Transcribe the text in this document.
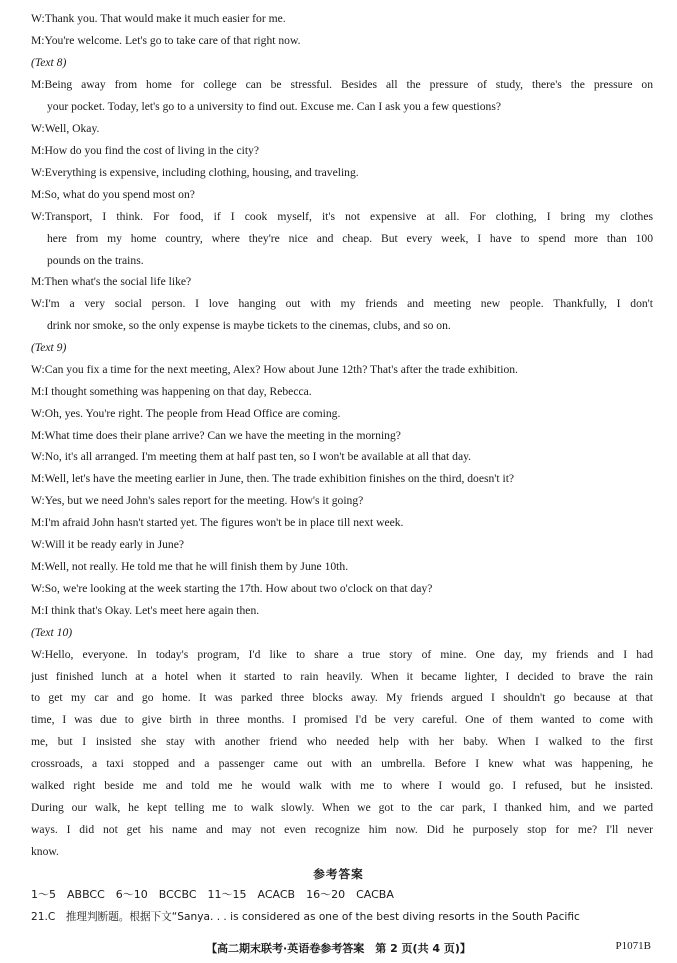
W:Thank you. That would make it much easier for me.
M:You're welcome. Let's go to take care of that right now.
(Text 8)
M:Being away from home for college can be stressful. Besides all the pressure of study, there's the pressure on
your pocket. Today, let's go to a university to find out. Excuse me. Can I ask you a few questions?
W:Well, Okay.
M:How do you find the cost of living in the city?
W:Everything is expensive, including clothing, housing, and traveling.
M:So, what do you spend most on?
W:Transport, I think. For food, if I cook myself, it's not expensive at all. For clothing, I bring my clothes
here from my home country, where they're nice and cheap. But every week, I have to spend more than 100
pounds on the trains.
M:Then what's the social life like?
W:I'm a very social person. I love hanging out with my friends and meeting new people. Thankfully, I don't
drink nor smoke, so the only expense is maybe tickets to the cinemas, clubs, and so on.
(Text 9)
W:Can you fix a time for the next meeting, Alex? How about June 12th? That's after the trade exhibition.
M:I thought something was happening on that day, Rebecca.
W:Oh, yes. You're right. The people from Head Office are coming.
M:What time does their plane arrive? Can we have the meeting in the morning?
W:No, it's all arranged. I'm meeting them at half past ten, so I won't be available at all that day.
M:Well, let's have the meeting earlier in June, then. The trade exhibition finishes on the third, doesn't it?
W:Yes, but we need John's sales report for the meeting. How's it going?
M:I'm afraid John hasn't started yet. The figures won't be in place till next week.
W:Will it be ready early in June?
M:Well, not really. He told me that he will finish them by June 10th.
W:So, we're looking at the week starting the 17th. How about two o'clock on that day?
M:I think that's Okay. Let's meet here again then.
(Text 10)
W:Hello, everyone. In today's program, I'd like to share a true story of mine. One day, my friends and I had
just finished lunch at a hotel when it started to rain heavily. When it became lighter, I decided to brave the rain
to get my car and go home. It was parked three blocks away. My friends argued I shouldn't go because at that
time, I was due to give birth in three months. I promised I'd be very careful. One of them wanted to come with
me, but I insisted she stay with another friend who needed help with her baby. When I walked to the first
crossroads, a taxi stopped and a passenger came out with an umbrella. Before I knew what was happening, he
walked right beside me and told me he would walk with me to where I would go. I refused, but he insisted.
During our walk, he kept telling me to walk slowly. When we got to the car park, I thanked him, and we parted
ways. I did not get his name and may not even recognize him now. Did he purposely stop for me? I'll never
know.
参考答案
1～5　ABBCC　6～10　BCCBC　11～15　ACACB　16～20　CACBA
21.C　推理判断题。根据下文“Sanya. . . is considered as one of the best diving resorts in the South Pacific
【高二期末联考·英语卷参考答案　第 2 页(共 4 页)】	P1071B
